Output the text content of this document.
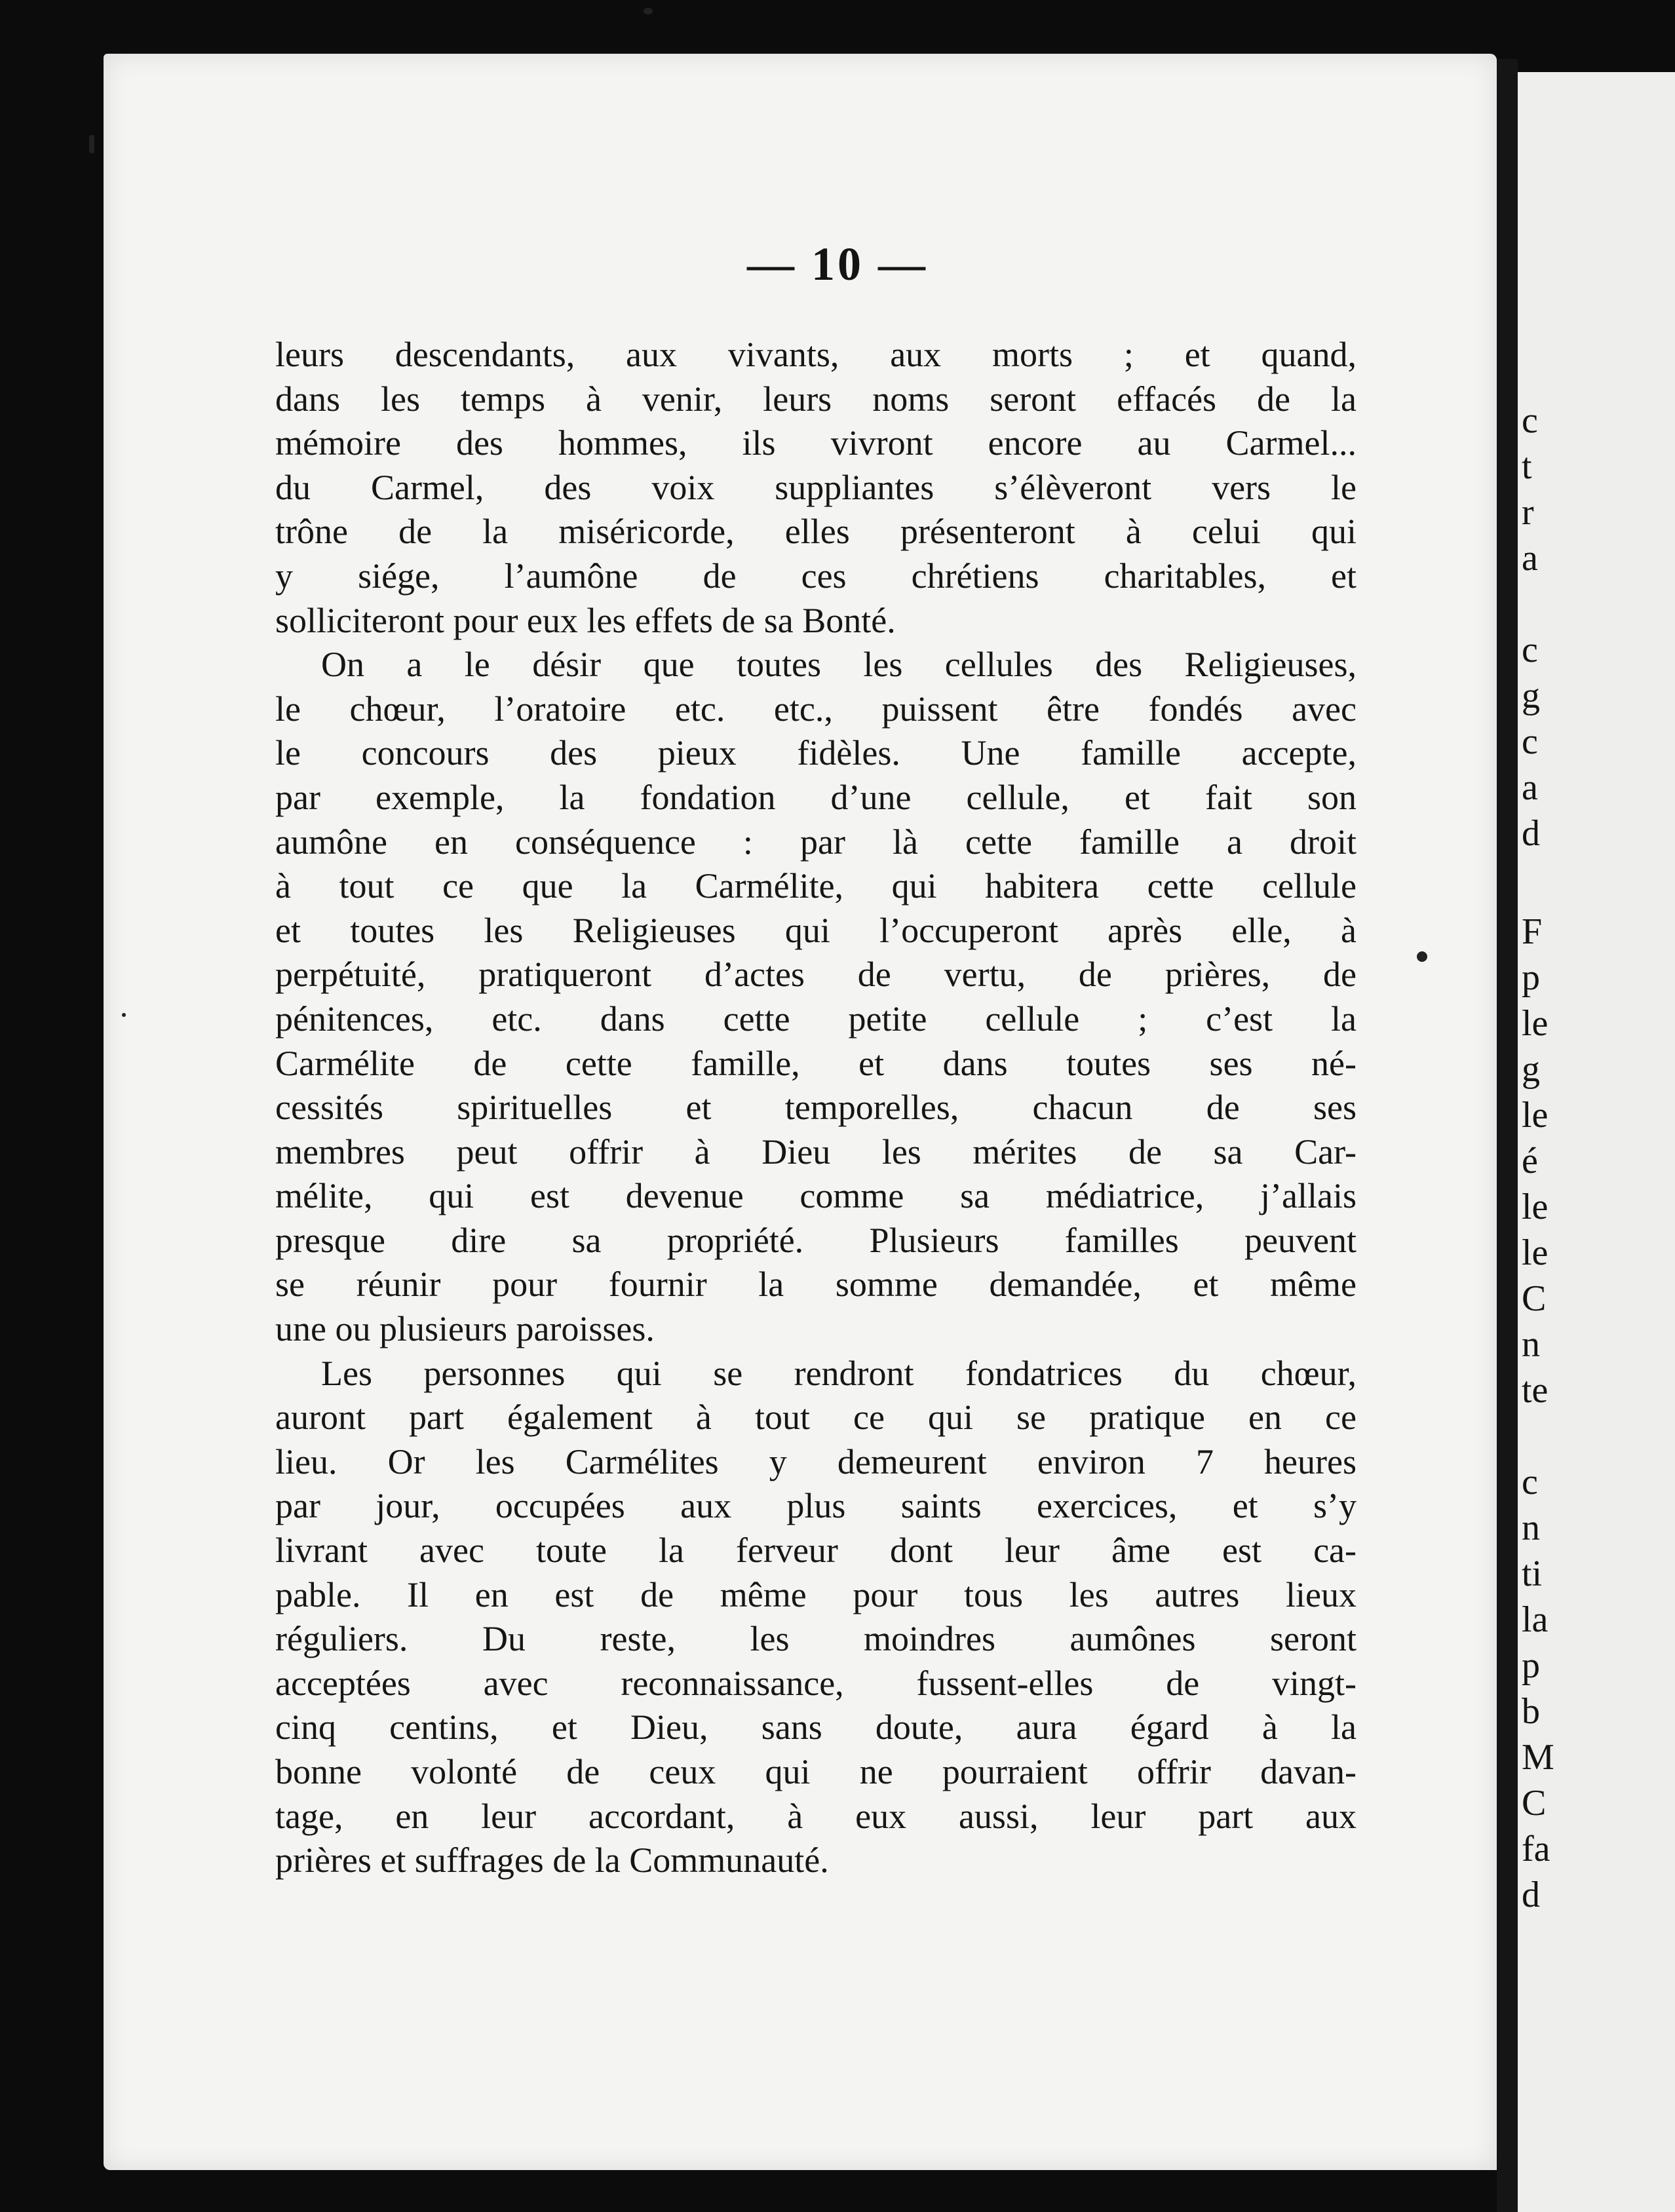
c
t
r
a
c
g
c
a
d
F
p
le
g
le
é
le
le
C
n
te
c
n
ti
la
p
b
M
C
fa
d
— 10 —
leurs descendants, aux vivants, aux morts ; et quand,
dans les temps à venir, leurs noms seront effacés de la
mémoire des hommes, ils vivront encore au Carmel...
du Carmel, des voix suppliantes s’élèveront vers le
trône de la miséricorde, elles présenteront à celui qui
y siége, l’aumône de ces chrétiens charitables, et
solliciteront pour eux les effets de sa Bonté.
On a le désir que toutes les cellules des Religieuses,
le chœur, l’oratoire etc. etc., puissent être fondés avec
le concours des pieux fidèles. Une famille accepte,
par exemple, la fondation d’une cellule, et fait son
aumône en conséquence : par là cette famille a droit
à tout ce que la Carmélite, qui habitera cette cellule
et toutes les Religieuses qui l’occuperont après elle, à
perpétuité, pratiqueront d’actes de vertu, de prières, de
pénitences, etc. dans cette petite cellule ; c’est la
Carmélite de cette famille, et dans toutes ses né-
cessités spirituelles et temporelles, chacun de ses
membres peut offrir à Dieu les mérites de sa Car-
mélite, qui est devenue comme sa médiatrice, j’allais
presque dire sa propriété. Plusieurs familles peuvent
se réunir pour fournir la somme demandée, et même
une ou plusieurs paroisses.
Les personnes qui se rendront fondatrices du chœur,
auront part également à tout ce qui se pratique en ce
lieu. Or les Carmélites y demeurent environ 7 heures
par jour, occupées aux plus saints exercices, et s’y
livrant avec toute la ferveur dont leur âme est ca-
pable. Il en est de même pour tous les autres lieux
réguliers. Du reste, les moindres aumônes seront
acceptées avec reconnaissance, fussent-elles de vingt-
cinq centins, et Dieu, sans doute, aura égard à la
bonne volonté de ceux qui ne pourraient offrir davan-
tage, en leur accordant, à eux aussi, leur part aux
prières et suffrages de la Communauté.
